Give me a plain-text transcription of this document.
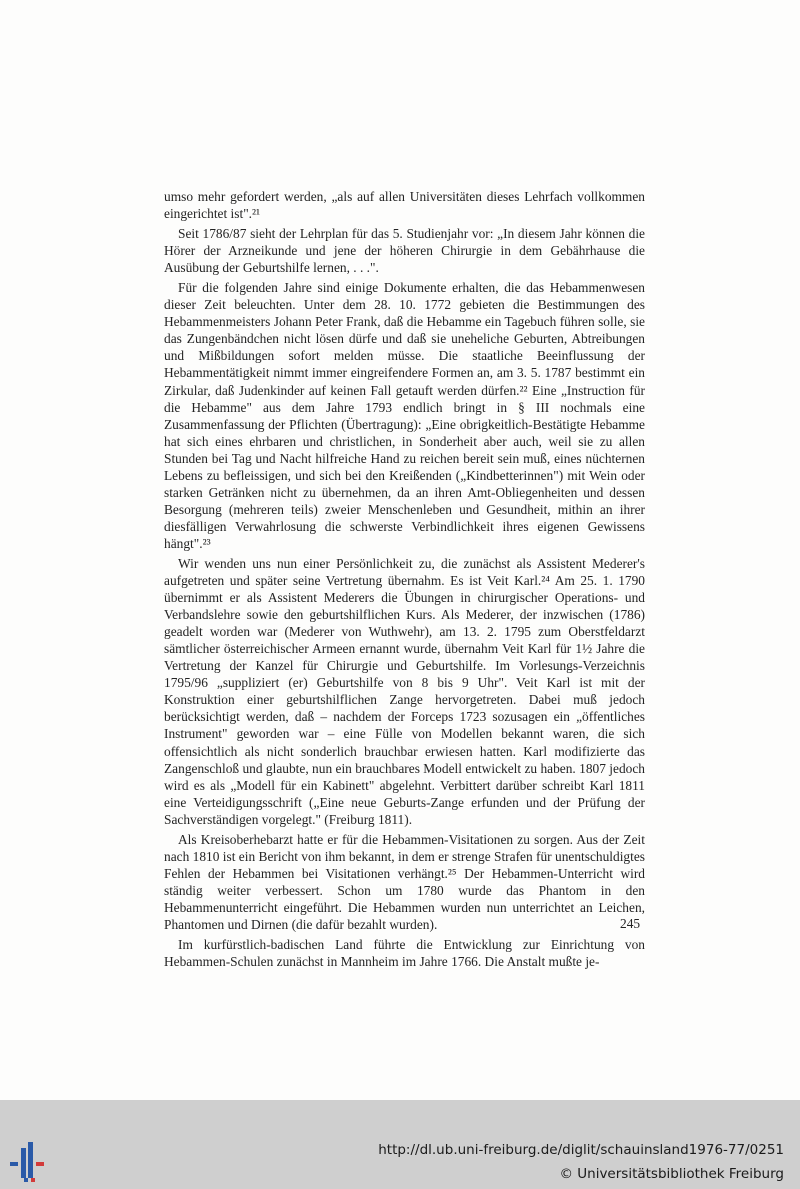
umso mehr gefordert werden, „als auf allen Universitäten dieses Lehrfach vollkommen eingerichtet ist".²¹

Seit 1786/87 sieht der Lehrplan für das 5. Studienjahr vor: „In diesem Jahr können die Hörer der Arzneikunde und jene der höheren Chirurgie in dem Gebährhause die Ausübung der Geburtshilfe lernen, . . .".

Für die folgenden Jahre sind einige Dokumente erhalten, die das Hebammenwesen dieser Zeit beleuchten. Unter dem 28. 10. 1772 gebieten die Bestimmungen des Hebammenmeisters Johann Peter Frank, daß die Hebamme ein Tagebuch führen solle, sie das Zungenbändchen nicht lösen dürfe und daß sie uneheliche Geburten, Abtreibungen und Mißbildungen sofort melden müsse. Die staatliche Beeinflussung der Hebammentätigkeit nimmt immer eingreifendere Formen an, am 3. 5. 1787 bestimmt ein Zirkular, daß Judenkinder auf keinen Fall getauft werden dürfen.²² Eine „Instruction für die Hebamme" aus dem Jahre 1793 endlich bringt in § III nochmals eine Zusammenfassung der Pflichten (Übertragung): „Eine obrigkeitlich-Bestätigte Hebamme hat sich eines ehrbaren und christlichen, in Sonderheit aber auch, weil sie zu allen Stunden bei Tag und Nacht hilfreiche Hand zu reichen bereit sein muß, eines nüchternen Lebens zu befleissigen, und sich bei den Kreißenden („Kindbetterinnen") mit Wein oder starken Getränken nicht zu übernehmen, da an ihren Amt-Obliegenheiten und dessen Besorgung (mehreren teils) zweier Menschenleben und Gesundheit, mithin an ihrer diesfälligen Verwahrlosung die schwerste Verbindlichkeit ihres eigenen Gewissens hängt".²³

Wir wenden uns nun einer Persönlichkeit zu, die zunächst als Assistent Mederer's aufgetreten und später seine Vertretung übernahm. Es ist Veit Karl.²⁴ Am 25. 1. 1790 übernimmt er als Assistent Mederers die Übungen in chirurgischer Operations- und Verbandslehre sowie den geburtshilflichen Kurs. Als Mederer, der inzwischen (1786) geadelt worden war (Mederer von Wuthwehr), am 13. 2. 1795 zum Oberstfeldarzt sämtlicher österreichischer Armeen ernannt wurde, übernahm Veit Karl für 1½ Jahre die Vertretung der Kanzel für Chirurgie und Geburtshilfe. Im Vorlesungs-Verzeichnis 1795/96 „suppliziert (er) Geburtshilfe von 8 bis 9 Uhr". Veit Karl ist mit der Konstruktion einer geburtshilflichen Zange hervorgetreten. Dabei muß jedoch berücksichtigt werden, daß – nachdem der Forceps 1723 sozusagen ein „öffentliches Instrument" geworden war – eine Fülle von Modellen bekannt waren, die sich offensichtlich als nicht sonderlich brauchbar erwiesen hatten. Karl modifizierte das Zangenschloß und glaubte, nun ein brauchbares Modell entwickelt zu haben. 1807 jedoch wird es als „Modell für ein Kabinett" abgelehnt. Verbittert darüber schreibt Karl 1811 eine Verteidigungsschrift („Eine neue Geburts-Zange erfunden und der Prüfung der Sachverständigen vorgelegt." (Freiburg 1811).

Als Kreisoberhebarzt hatte er für die Hebammen-Visitationen zu sorgen. Aus der Zeit nach 1810 ist ein Bericht von ihm bekannt, in dem er strenge Strafen für unentschuldigtes Fehlen der Hebammen bei Visitationen verhängt.²⁵ Der Hebammen-Unterricht wird ständig weiter verbessert. Schon um 1780 wurde das Phantom in den Hebammenunterricht eingeführt. Die Hebammen wurden nun unterrichtet an Leichen, Phantomen und Dirnen (die dafür bezahlt wurden).

Im kurfürstlich-badischen Land führte die Entwicklung zur Einrichtung von Hebammen-Schulen zunächst in Mannheim im Jahre 1766. Die Anstalt mußte je-

245
http://dl.ub.uni-freiburg.de/diglit/schauinsland1976-77/0251
© Universitätsbibliothek Freiburg
